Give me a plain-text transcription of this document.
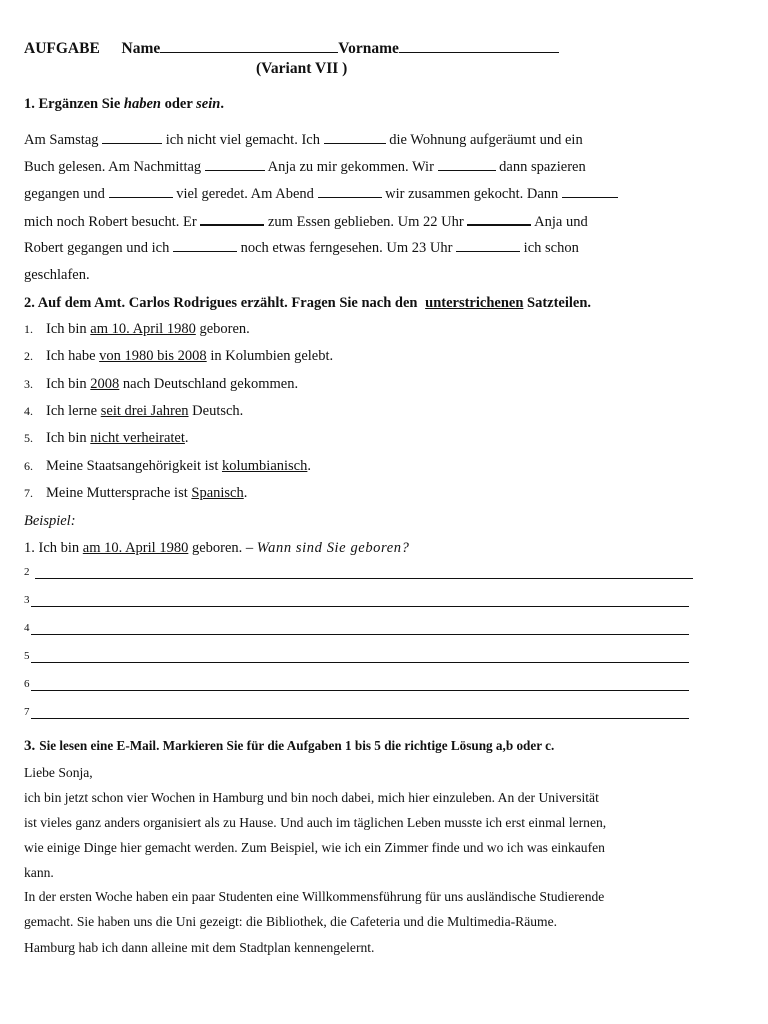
AUFGABE Name	Vorname
(Variant VII )
1. Ergänzen Sie haben oder sein.
Am Samstag	ich nicht viel gemacht. Ich	die Wohnung aufgeräumt und ein
Buch gelesen. Am Nachmittag	Anja zu mir gekommen. Wir	dann spazieren
gegangen und	viel geredet. Am Abend	wir zusammen gekocht. Dann
mich noch Robert besucht. Er	zum Essen geblieben. Um 22 Uhr	Anja und
Robert gegangen und ich	noch etwas ferngesehen. Um 23 Uhr	ich schon
geschlafen.
2. Auf dem Amt. Carlos Rodrigues erzählt. Fragen Sie nach den unterstrichenen Satzteilen.
1. Ich bin am 10. April 1980 geboren.
2. Ich habe von 1980 bis 2008 in Kolumbien gelebt.
3. Ich bin 2008 nach Deutschland gekommen.
4. Ich lerne seit drei Jahren Deutsch.
5. Ich bin nicht verheiratet.
6. Meine Staatsangehörigkeit ist kolumbianisch.
7. Meine Muttersprache ist Spanisch.
Beispiel:
1. Ich bin am 10. April 1980 geboren. – Wann sind Sie geboren?
2
3
4
5
6
7
3. Sie lesen eine E-Mail. Markieren Sie für die Aufgaben 1 bis 5 die richtige Lösung a,b oder c.
Liebe Sonja,
ich bin jetzt schon vier Wochen in Hamburg und bin noch dabei, mich hier einzuleben. An der Universität
ist vieles ganz anders organisiert als zu Hause. Und auch im täglichen Leben musste ich erst einmal lernen,
wie einige Dinge hier gemacht werden. Zum Beispiel, wie ich ein Zimmer finde und wo ich was einkaufen
kann.
In der ersten Woche haben ein paar Studenten eine Willkommensführung für uns ausländische Studierende
gemacht. Sie haben uns die Uni gezeigt: die Bibliothek, die Cafeteria und die Multimedia-Räume.
Hamburg hab ich dann alleine mit dem Stadtplan kennengelernt.
